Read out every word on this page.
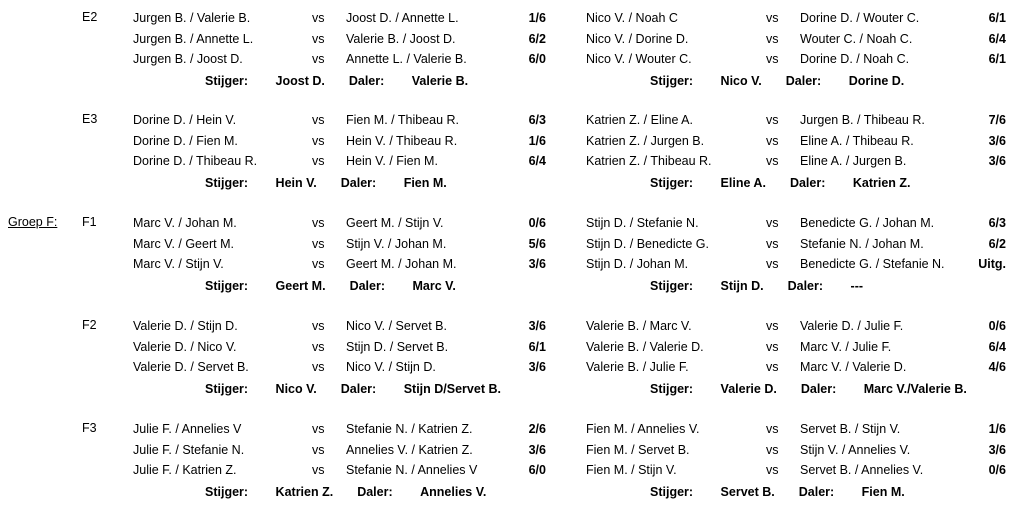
E2	Jurgen B. / Valerie B.	vs Joost D. / Annette L.	1/6
Jurgen B. / Annette L.	vs Valerie B. / Joost D.	6/2
Jurgen B. / Joost D.	vs Annette L. / Valerie B.	6/0
Stijger: Joost D. Daler: Valerie B.
Nico V. / Noah C	vs Dorine D. / Wouter C.	6/1
Nico V. / Dorine D.	vs Wouter C. / Noah C.	6/4
Nico V. / Wouter C.	vs Dorine D. / Noah C.	6/1
Stijger: Nico V. Daler: Dorine D.
E3	Dorine D. / Hein V.	vs Fien M. / Thibeau R.	6/3
Dorine D. / Fien M.	vs Hein V. / Thibeau R.	1/6
Dorine D. / Thibeau R.	vs Hein V. / Fien M.	6/4
Stijger: Hein V. Daler: Fien M.
Katrien Z. / Eline A.	vs Jurgen B. / Thibeau R.	7/6
Katrien Z. / Jurgen B.	vs Eline A. / Thibeau R.	3/6
Katrien Z. / Thibeau R.	vs Eline A. / Jurgen B.	3/6
Stijger: Eline A. Daler: Katrien Z.
Groep F: F1	Marc V. / Johan M.	vs Geert M. / Stijn V.	0/6
Marc V. / Geert M.	vs Stijn V. / Johan M.	5/6
Marc V. / Stijn V.	vs Geert M. / Johan M.	3/6
Stijger: Geert M. Daler: Marc V.
Stijn D. / Stefanie N.	vs Benedicte G. / Johan M.	6/3
Stijn D. / Benedicte G.	vs Stefanie N. / Johan M.	6/2
Stijn D. / Johan M.	vs Benedicte G. / Stefanie N.	Uitg.
Stijger: Stijn D. Daler: ---
F2	Valerie D. / Stijn D.	vs Nico V. / Servet B.	3/6
Valerie D. / Nico V.	vs Stijn D. / Servet B.	6/1
Valerie D. / Servet B.	vs Nico V. / Stijn D.	3/6
Stijger: Nico V. Daler: Stijn D/Servet B.
Valerie B. / Marc V.	vs Valerie D. / Julie F.	0/6
Valerie B. / Valerie D.	vs Marc V. / Julie F.	6/4
Valerie B. / Julie F.	vs Marc V. / Valerie D.	4/6
Stijger: Valerie D. Daler: Marc V./Valerie B.
F3	Julie F. / Annelies V	vs Stefanie N. / Katrien Z.	2/6
Julie F. / Stefanie N.	vs Annelies V. / Katrien Z.	3/6
Julie F. / Katrien Z.	vs Stefanie N. / Annelies V	6/0
Stijger: Katrien Z. Daler: Annelies V.
Fien M. / Annelies V.	vs Servet B. / Stijn V.	1/6
Fien M. / Servet B.	vs Stijn V. / Annelies V.	3/6
Fien M. / Stijn V.	vs Servet B. / Annelies V.	0/6
Stijger: Servet B. Daler: Fien M.
